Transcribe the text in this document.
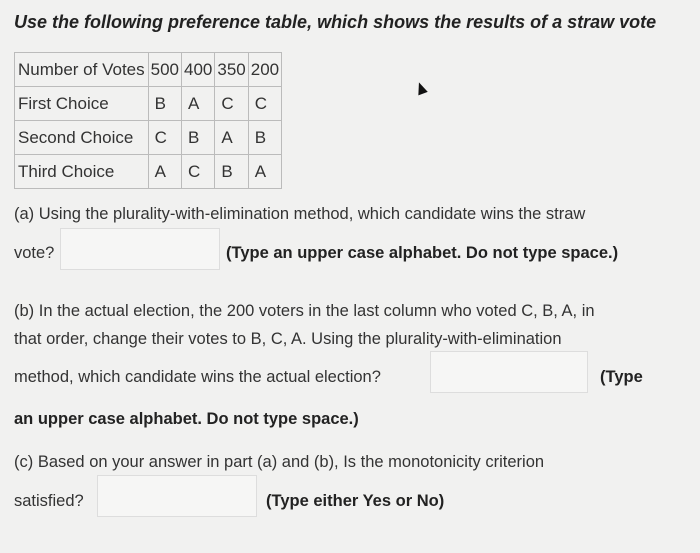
Use the following preference table, which shows the results of a straw vote
Number of Votes	500	400	350	200
First Choice	B	A	C	C
Second Choice	C	B	A	B
Third Choice	A	C	B	A
(a) Using the plurality-with-elimination method, which candidate wins the straw
vote?	(Type an upper case alphabet. Do not type space.)
(b) In the actual election, the 200 voters in the last column who voted C, B, A, in
that order, change their votes to B, C, A. Using the plurality-with-elimination
method, which candidate wins the actual election?	(Type
an upper case alphabet. Do not type space.)
(c) Based on your answer in part (a) and (b), Is the monotonicity criterion
satisfied?	(Type either Yes or No)
